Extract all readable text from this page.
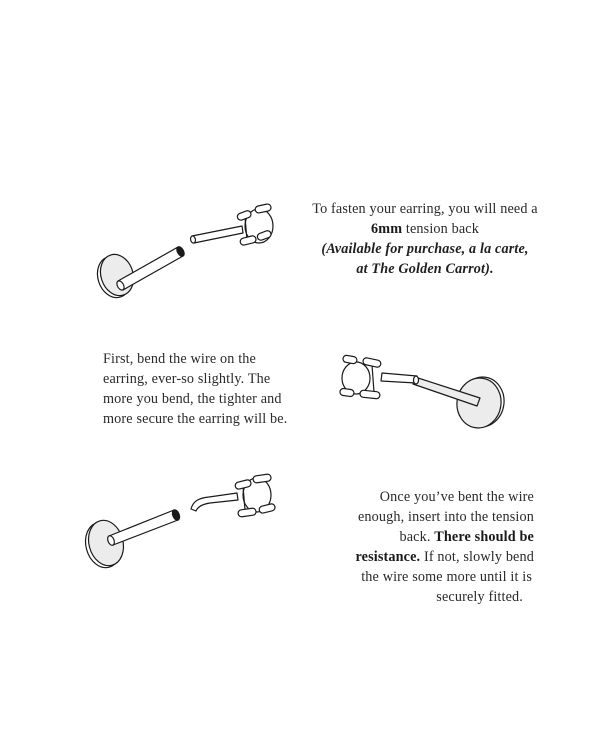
To fasten your earring, you will need a
6mm tension back
(Available for purchase, a la carte,
at The Golden Carrot).
First, bend the wire on the
earring, ever-so slightly. The
more you bend, the tighter and
more secure the earring will be.
Once you’ve bent the wire
enough, insert into the tension
back. There should be
resistance. If not, slowly bend
the wire some more until it is
securely fitted.
